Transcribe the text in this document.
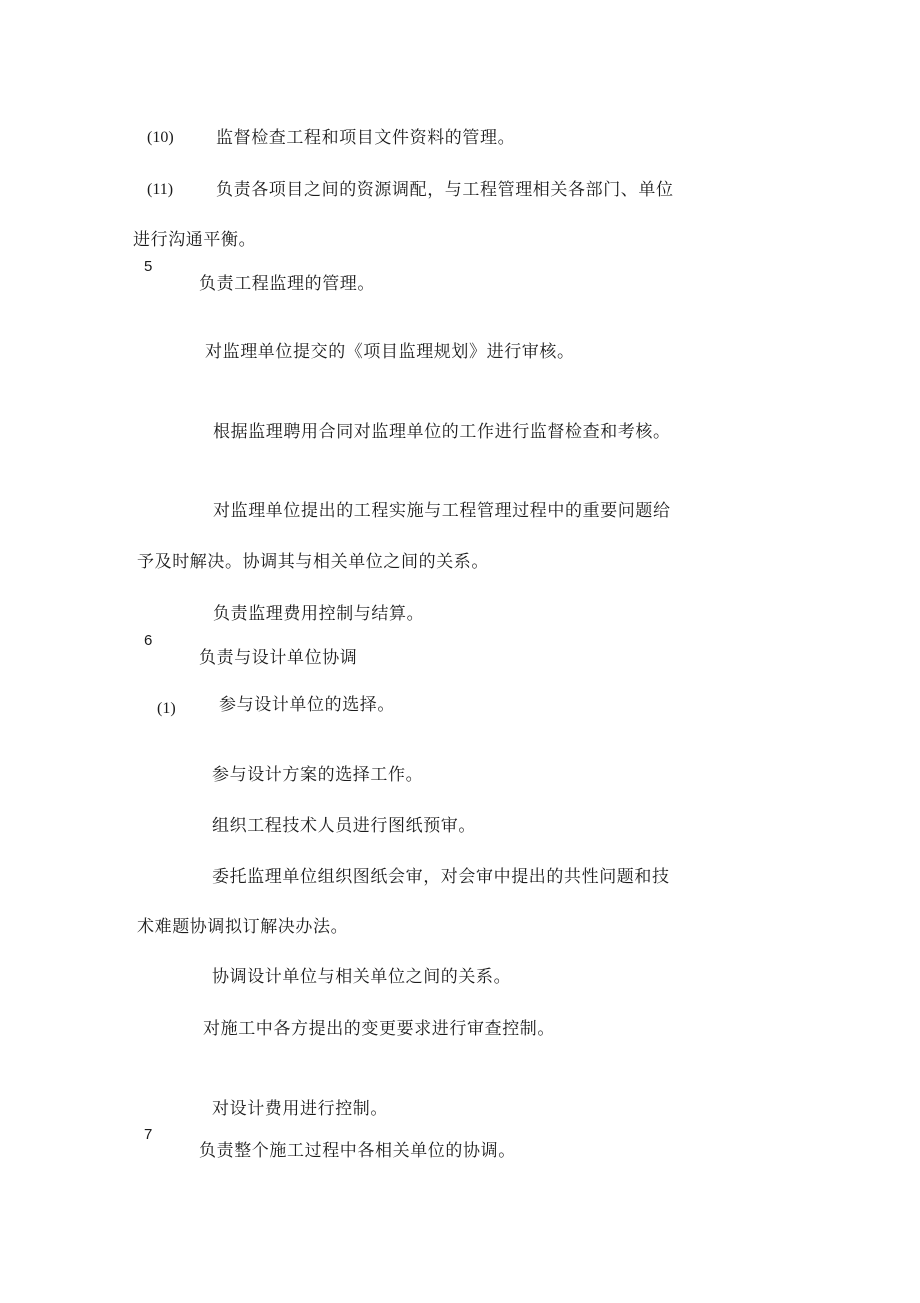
(10) 监督检查工程和项目文件资料的管理。
(11)	负责各项目之间的资源调配，与工程管理相关各部门、单位
进行沟通平衡。
5
负责工程监理的管理。
对监理单位提交的《项目监理规划》进行审核。
根据监理聘用合同对监理单位的工作进行监督检查和考核。
对监理单位提出的工程实施与工程管理过程中的重要问题给
予及时解决。协调其与相关单位之间的关系。
负责监理费用控制与结算。
6
负责与设计单位协调
(1)	参与设计单位的选择。
参与设计方案的选择工作。
组织工程技术人员进行图纸预审。
委托监理单位组织图纸会审，对会审中提出的共性问题和技
术难题协调拟订解决办法。
协调设计单位与相关单位之间的关系。
对施工中各方提出的变更要求进行审查控制。
对设计费用进行控制。
7
负责整个施工过程中各相关单位的协调。
